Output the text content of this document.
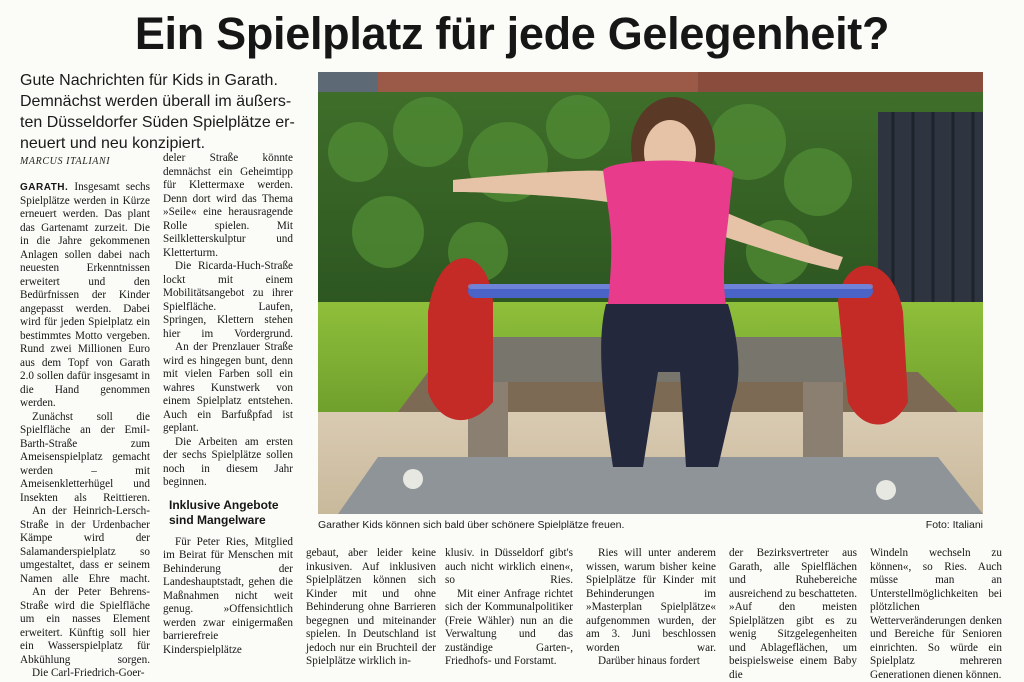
Ein Spielplatz für jede Gelegenheit?
Gute Nachrichten für Kids in Garath.
Demnächst werden überall im äußers-
ten Düsseldorfer Süden Spielplätze er-
neuert und neu konzipiert.
MARCUS ITALIANI

GARATH. Insgesamt sechs Spielplätze werden in Kürze erneuert werden. Das plant das Gartenamt zurzeit. Die in die Jahre gekommenen Anlagen sollen dabei nach neuesten Erkenntnissen erweitert und den Bedürfnissen der Kinder angepasst werden. Dabei wird für jeden Spielplatz ein bestimmtes Motto vergeben. Rund zwei Millionen Euro aus dem Topf von Garath 2.0 sollen dafür insgesamt in die Hand genommen werden.

Zunächst soll die Spielfläche an der Emil-Barth-Straße zum Ameisenspielplatz gemacht werden – mit Ameisenkletterhügel und Insekten als Reittieren.

An der Heinrich-Lersch-Straße in der Urdenbacher Kämpe wird der Salamanderspielplatz so umgestaltet, dass er seinem Namen alle Ehre macht.

An der Peter Behrens-Straße wird die Spielfläche um ein nasses Element erweitert. Künftig soll hier ein Wasserspielplatz für Abkühlung sorgen.

Die Carl-Friedrich-Goer-

deler Straße könnte demnächst ein Geheimtipp für Klettermaxe werden. Denn dort wird das Thema »Seile« eine herausragende Rolle spielen. Mit Seilkletterskulptur und Kletterturm.

Die Ricarda-Huch-Straße lockt mit einem Mobilitätsangebot zu ihrer Spielfläche. Laufen, Springen, Klettern stehen hier im Vordergrund.

An der Prenzlauer Straße wird es hingegen bunt, denn mit vielen Farben soll ein wahres Kunstwerk von einem Spielplatz entstehen. Auch ein Barfußpfad ist geplant.

Die Arbeiten am ersten der sechs Spielplätze sollen noch in diesem Jahr beginnen.

Inklusive Angebote
sind Mangelware

Für Peter Ries, Mitglied im Beirat für Menschen mit Behinderung der Landeshauptstadt, gehen die Maßnahmen nicht weit genug. »Offensichtlich werden zwar einigermaßen barrierefreie Kinderspielplätze

Garather Kids können sich bald über schönere Spielplätze freuen.	Foto: Italiani

gebaut, aber leider keine inkusiven. Auf inklusiven Spielplätzen können sich Kinder mit und ohne Behinderung ohne Barrieren begegnen und miteinander spielen. In Deutschland ist jedoch nur ein Bruchteil der Spielplätze wirklich in-

klusiv. in Düsseldorf gibt's auch nicht wirklich einen«, so Ries.

Mit einer Anfrage richtet sich der Kommunalpolitiker (Freie Wähler) nun an die Verwaltung und das zuständige Garten-, Friedhofs- und Forstamt.

Ries will unter anderem wissen, warum bisher keine Spielplätze für Kinder mit Behinderungen im »Masterplan Spielplätze« aufgenommen wurden, der am 3. Juni beschlossen worden war.

Darüber hinaus fordert

der Bezirksvertreter aus Garath, alle Spielflächen und Ruhebereiche ausreichend zu beschatteten. »Auf den meisten Spielplätzen gibt es zu wenig Sitzgelegenheiten und Ablageflächen, um beispielsweise einem Baby die

Windeln wechseln zu können«, so Ries. Auch müsse man an Unterstellmöglichkeiten bei plötzlichen Wetterveränderungen denken und Bereiche für Senioren einrichten. So würde ein Spielplatz mehreren Generationen dienen können.
